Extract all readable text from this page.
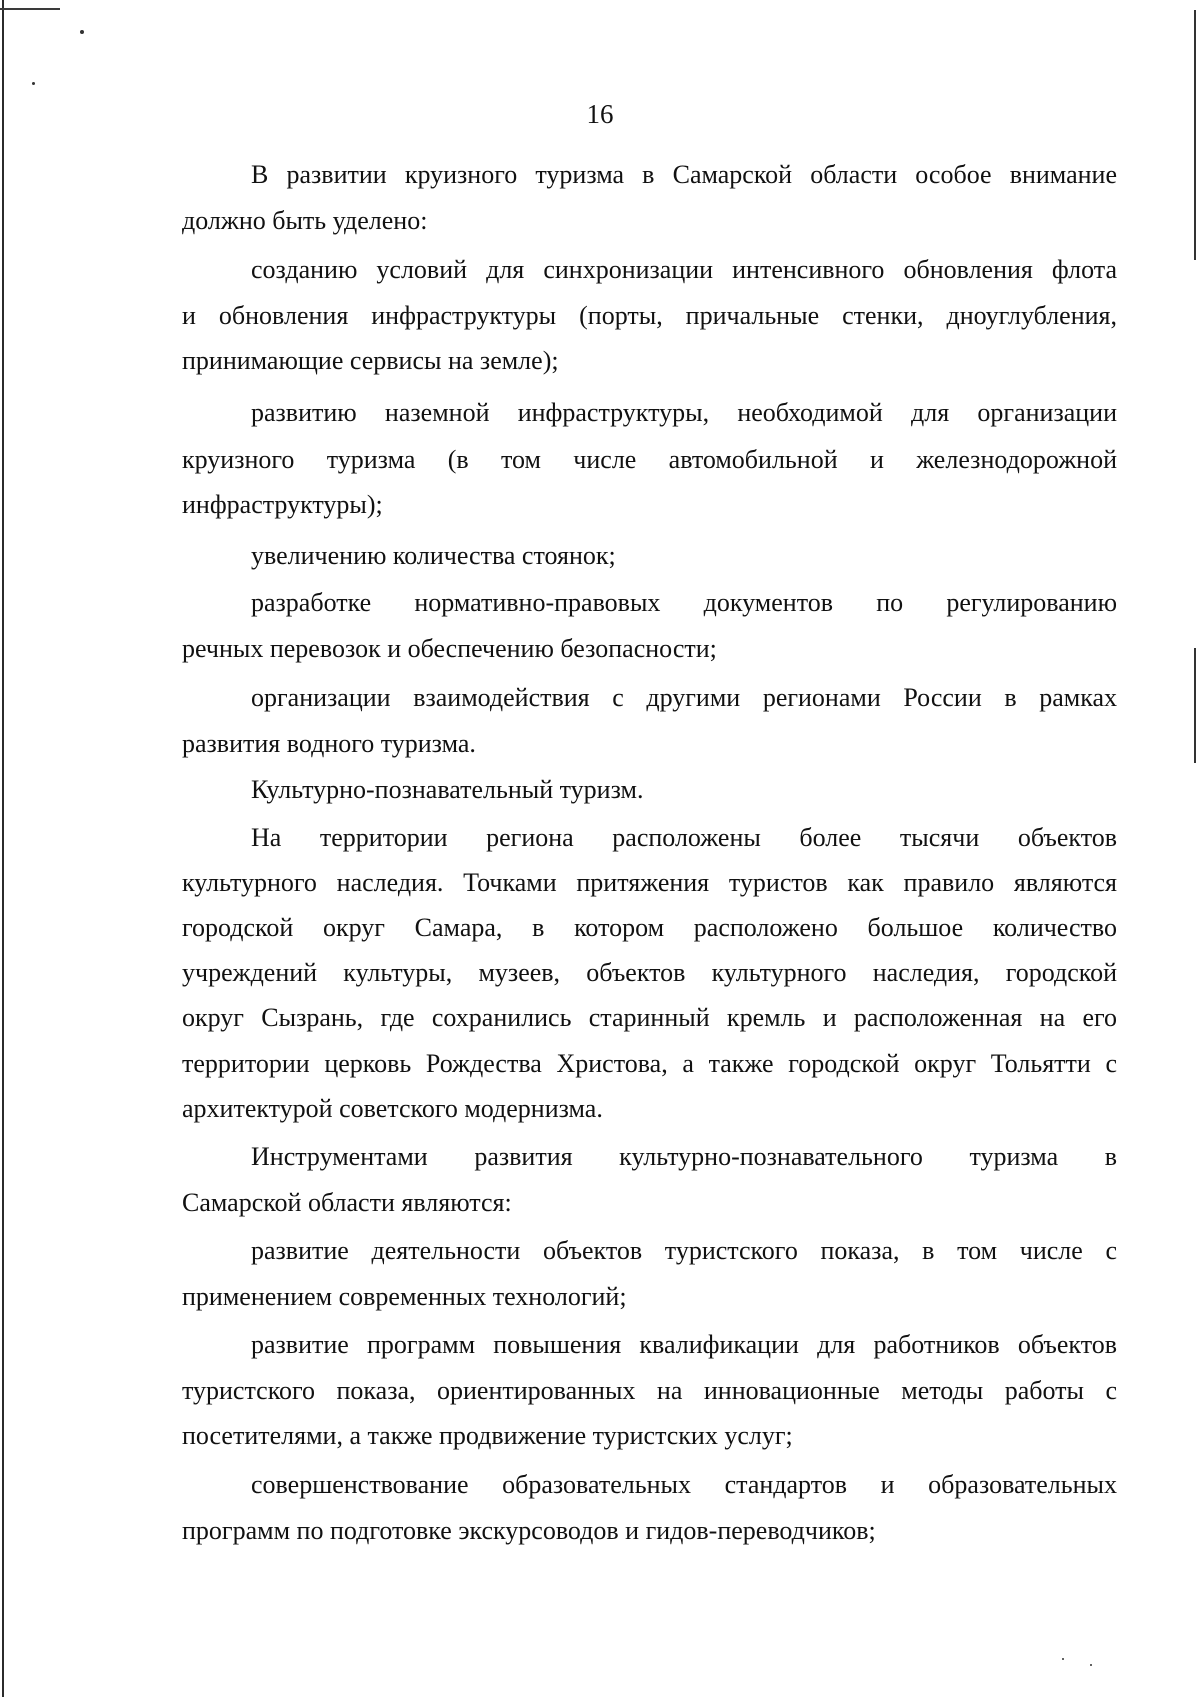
16
В развитии круизного туризма в Самарской области особое внимание
должно быть уделено:
созданию условий для синхронизации интенсивного обновления флота
и обновления инфраструктуры (порты, причальные стенки, дноуглубления,
принимающие сервисы на земле);
развитию наземной инфраструктуры, необходимой для организации
круизного туризма (в том числе автомобильной и железнодорожной
инфраструктуры);
увеличению количества стоянок;
разработке нормативно-правовых документов по регулированию
речных перевозок и обеспечению безопасности;
организации взаимодействия с другими регионами России в рамках
развития водного туризма.
Культурно-познавательный туризм.
На территории региона расположены более тысячи объектов
культурного наследия. Точками притяжения туристов как правило являются
городской округ Самара, в котором расположено большое количество
учреждений культуры, музеев, объектов культурного наследия, городской
округ Сызрань, где сохранились старинный кремль и расположенная на его
территории церковь Рождества Христова, а также городской округ Тольятти с
архитектурой советского модернизма.
Инструментами развития культурно-познавательного туризма в
Самарской области являются:
развитие деятельности объектов туристского показа, в том числе с
применением современных технологий;
развитие программ повышения квалификации для работников объектов
туристского показа, ориентированных на инновационные методы работы с
посетителями, а также продвижение туристских услуг;
совершенствование образовательных стандартов и образовательных
программ по подготовке экскурсоводов и гидов-переводчиков;
